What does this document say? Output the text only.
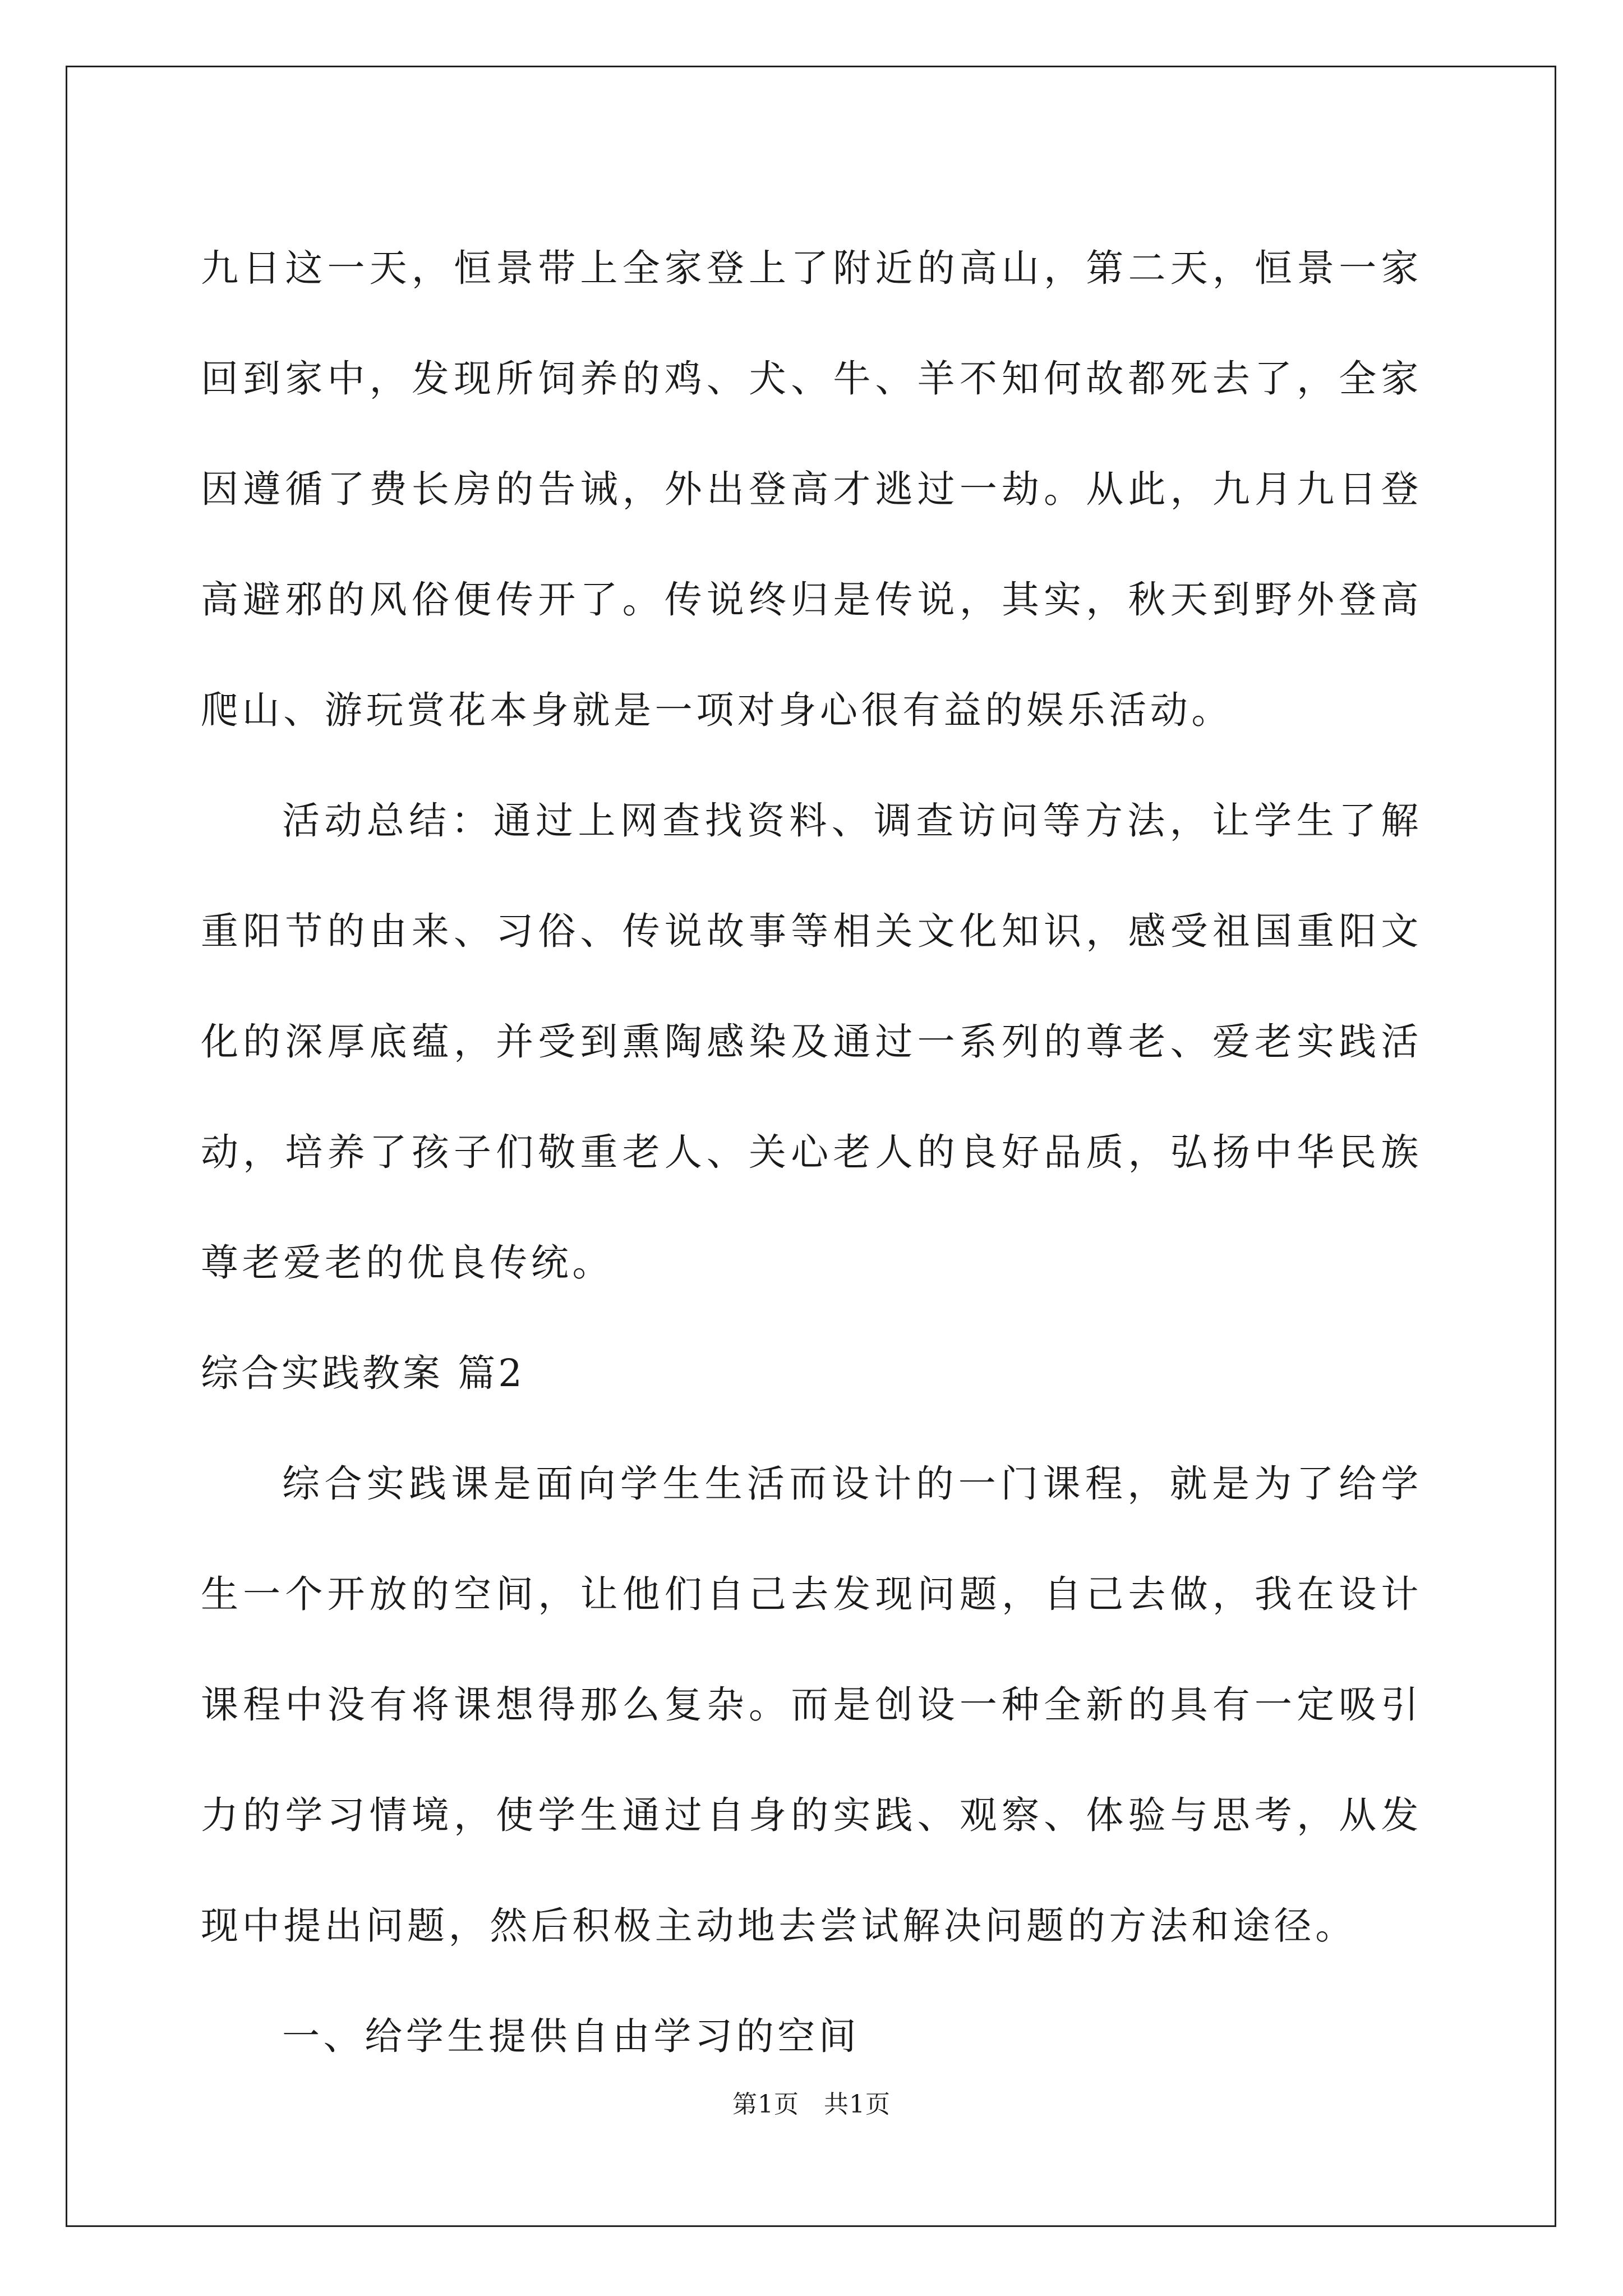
九日这一天，恒景带上全家登上了附近的高山，第二天，恒景一家回到家中，发现所饲养的鸡、犬、牛、羊不知何故都死去了，全家因遵循了费长房的告诫，外出登高才逃过一劫。从此，九月九日登高避邪的风俗便传开了。传说终归是传说，其实，秋天到野外登高爬山、游玩赏花本身就是一项对身心很有益的娱乐活动。

活动总结：通过上网查找资料、调查访问等方法，让学生了解重阳节的由来、习俗、传说故事等相关文化知识，感受祖国重阳文化的深厚底蕴，并受到熏陶感染及通过一系列的尊老、爱老实践活动，培养了孩子们敬重老人、关心老人的良好品质，弘扬中华民族尊老爱老的优良传统。

综合实践教案 篇2

综合实践课是面向学生生活而设计的一门课程，就是为了给学生一个开放的空间，让他们自己去发现问题，自己去做，我在设计课程中没有将课想得那么复杂。而是创设一种全新的具有一定吸引力的学习情境，使学生通过自身的实践、观察、体验与思考，从发现中提出问题，然后积极主动地去尝试解决问题的方法和途径。

一、给学生提供自由学习的空间

第1页 共1页
